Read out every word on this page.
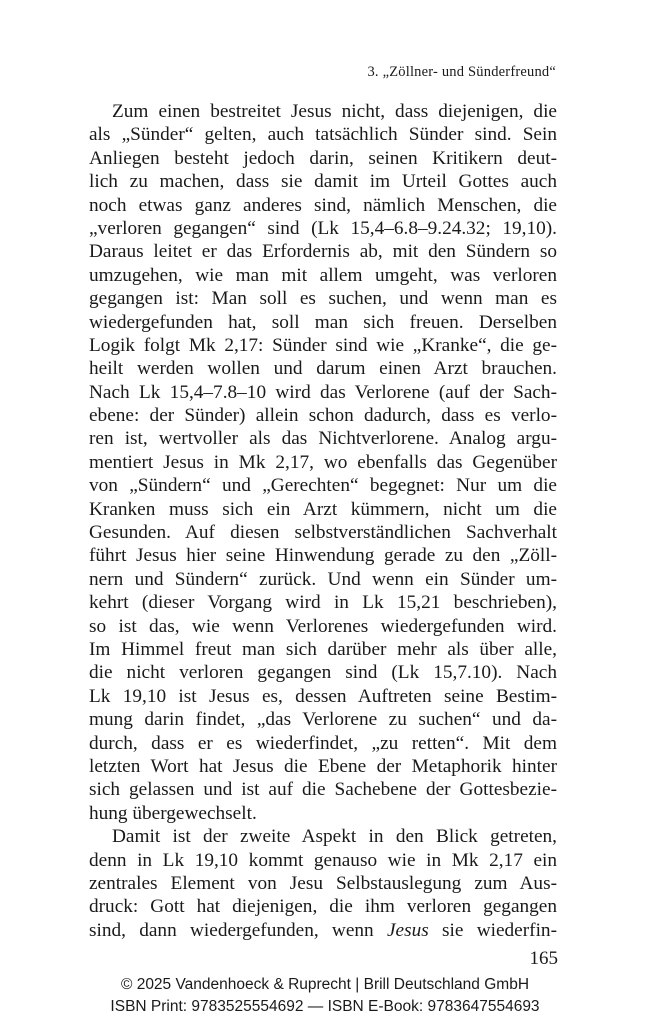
3. „Zöllner- und Sünderfreund“
Zum einen bestreitet Jesus nicht, dass diejenigen, die
als „Sünder“ gelten, auch tatsächlich Sünder sind. Sein
Anliegen besteht jedoch darin, seinen Kritikern deut-
lich zu machen, dass sie damit im Urteil Gottes auch
noch etwas ganz anderes sind, nämlich Menschen, die
„verloren gegangen“ sind (Lk 15,4–6.8–9.24.32; 19,10).
Daraus leitet er das Erfordernis ab, mit den Sündern so
umzugehen, wie man mit allem umgeht, was verloren
gegangen ist: Man soll es suchen, und wenn man es
wiedergefunden hat, soll man sich freuen. Derselben
Logik folgt Mk 2,17: Sünder sind wie „Kranke“, die ge-
heilt werden wollen und darum einen Arzt brauchen.
Nach Lk 15,4–7.8–10 wird das Verlorene (auf der Sach-
ebene: der Sünder) allein schon dadurch, dass es verlo-
ren ist, wertvoller als das Nichtverlorene. Analog argu-
mentiert Jesus in Mk 2,17, wo ebenfalls das Gegenüber
von „Sündern“ und „Gerechten“ begegnet: Nur um die
Kranken muss sich ein Arzt kümmern, nicht um die
Gesunden. Auf diesen selbstverständlichen Sachverhalt
führt Jesus hier seine Hinwendung gerade zu den „Zöll-
nern und Sündern“ zurück. Und wenn ein Sünder um-
kehrt (dieser Vorgang wird in Lk 15,21 beschrieben),
so ist das, wie wenn Verlorenes wiedergefunden wird.
Im Himmel freut man sich darüber mehr als über alle,
die nicht verloren gegangen sind (Lk 15,7.10). Nach
Lk 19,10 ist Jesus es, dessen Auftreten seine Bestim-
mung darin findet, „das Verlorene zu suchen“ und da-
durch, dass er es wiederfindet, „zu retten“. Mit dem
letzten Wort hat Jesus die Ebene der Metaphorik hinter
sich gelassen und ist auf die Sachebene der Gottesbezie-
hung übergewechselt.
Damit ist der zweite Aspekt in den Blick getreten,
denn in Lk 19,10 kommt genauso wie in Mk 2,17 ein
zentrales Element von Jesu Selbstauslegung zum Aus-
druck: Gott hat diejenigen, die ihm verloren gegangen
sind, dann wiedergefunden, wenn Jesus sie wiederfin-
165
© 2025 Vandenhoeck & Ruprecht | Brill Deutschland GmbH
ISBN Print: 9783525554692 — ISBN E-Book: 9783647554693
